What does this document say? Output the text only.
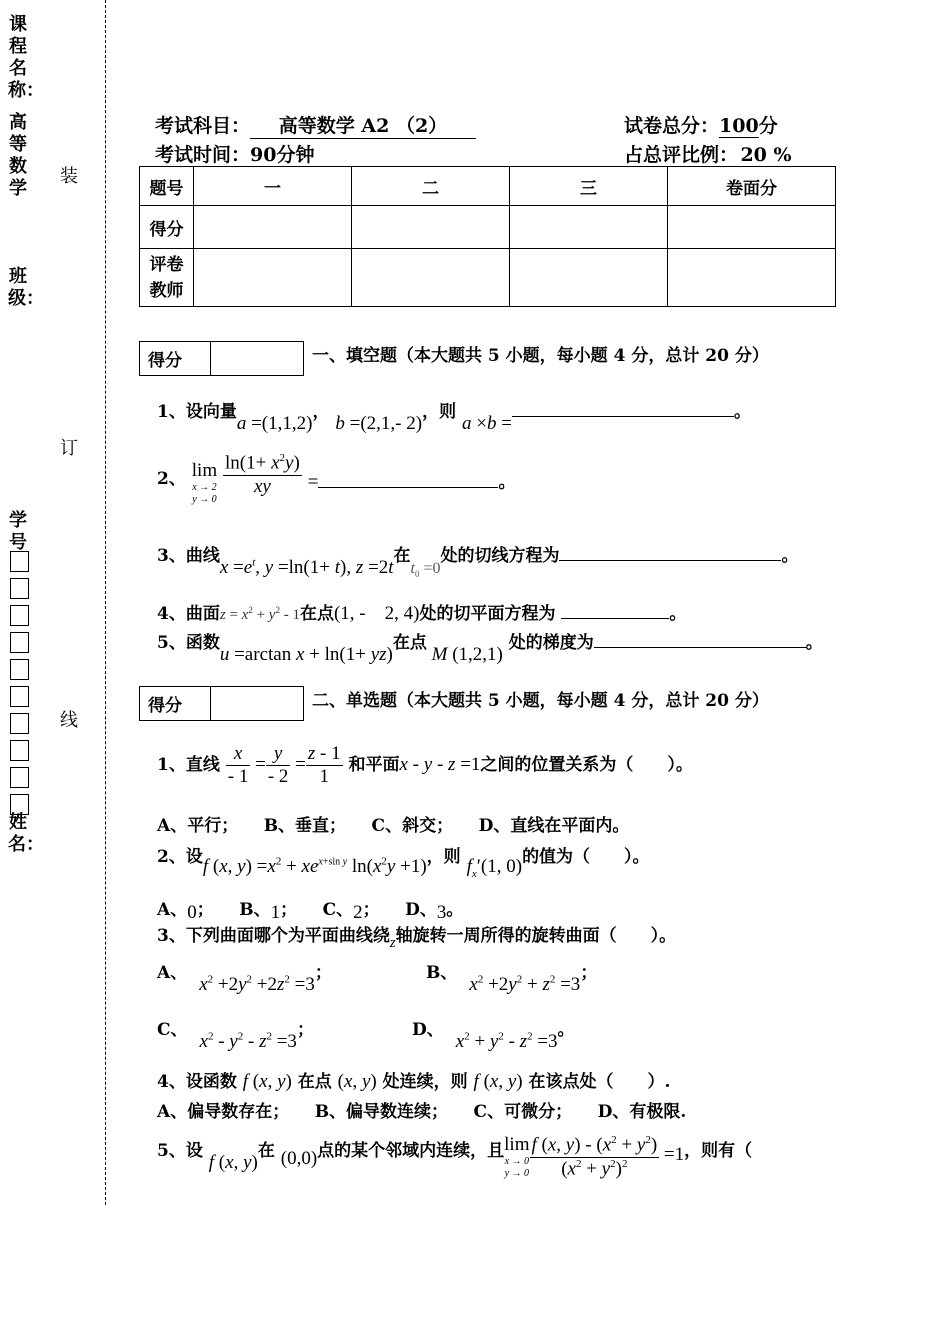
课程名称：
高等数学
班级：
学号
姓名：
装
订
线
考试科目： 高等数学 A2 （2）	试卷总分：100分
考试时间：90分钟	占总评比例： 20 %
题号	一	二	三	卷面分
得分				
评卷
教师				
得分	一、填空题（本大题共 5 小题，每小题 4 分，总计 20 分）
1、设向量a =(1,1,2)， b =(2,1,- 2)，则 a ×b =。
2、 lim
x → 2
y → 0

$\frac{\ln(1+ x^2y)}{xy}$ =	。
3、曲线$x =e^t$, y =ln(1+ t), z =2t在$t_0 =0$处的切线方程为	。
4、曲面$z = x^2 + y^2 - 1$在点(1, -　2, 4)处的切平面方程为	。
5、函数u =arctan x + ln(1+ yz)在点 M (1,2,1) 处的梯度为	。
得分	二、单选题（本大题共 5 小题，每小题 4 分，总计 20 分）
1、直线 $\frac{x}{- 1} = \frac{y}{- 2} = \frac{z - 1}{1}$ 和平面x - y - z =1之间的位置关系为（　　）。
A、平行；　　B、垂直；　　C、斜交；　　D、直线在平面内。
2、设f (x, $y) =x^2 + xe^{x+sin y}$ $\ln(x^2y +1)$，则 $f_x'(1$, 0)的值为（　　）。
A、0；　　B、1；　　C、2；　　D、3。
3、下列曲面哪个为平面曲线绕z轴旋转一周所得的旋转曲面（　　）。
A、$x^2 +2y^2 +2z^2 =3$；	B、$x^2 +2y^2 + z^2 =3$；
C、$x^2 - y^2 - z^2 =3$；	D、$x^2 + y^2 - z^2 =3$。
4、设函数 f (x, y) 在点 (x, y) 处连续，则 f (x, y) 在该点处（　　）.
A、偏导数存在；　　B、偏导数连续；　　C、可微分；　　D、有极限.
5、设 f (x, y)在 (0,0)点的某个邻域内连续，且 lim
x → 0
$y \to 0 \frac{f (x, y) - (x^2 + y^2)}{(x^2 + y^2)^2} =1$，则有（
